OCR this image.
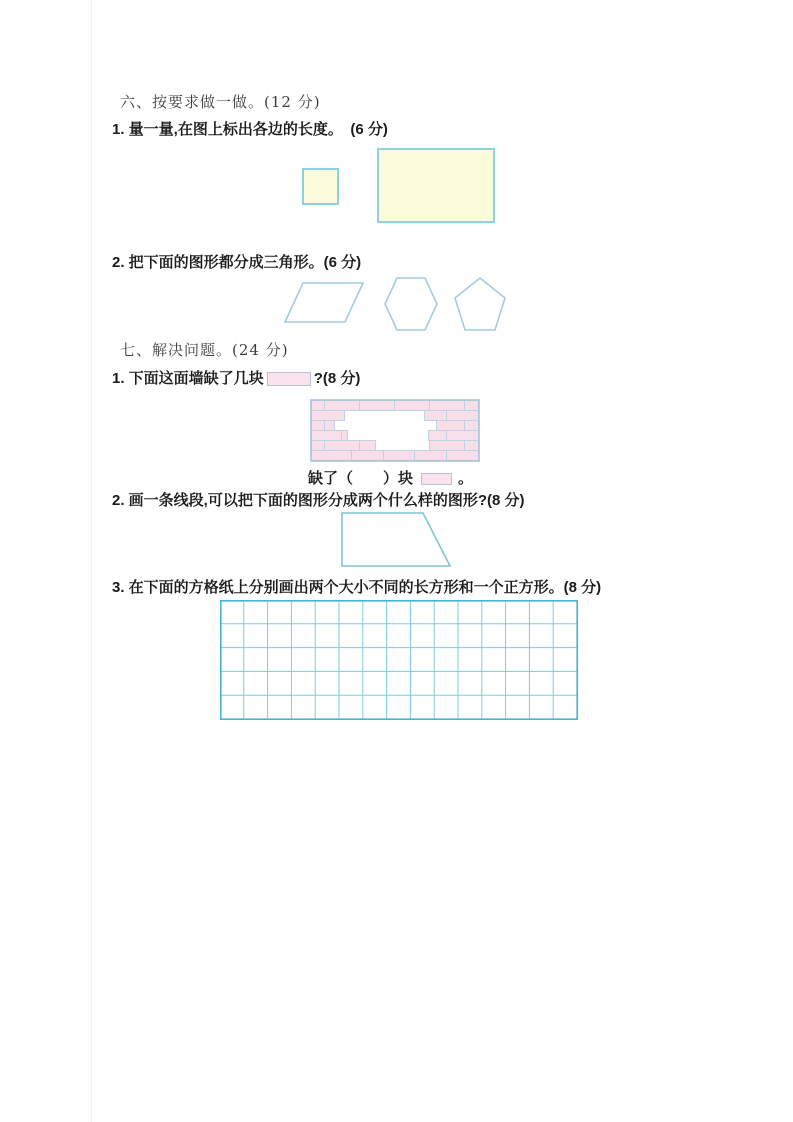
六、按要求做一做。(12 分)
1. 量一量,在图上标出各边的长度。　(6 分)
2. 把下面的图形都分成三角形。(6 分)
七、解决问题。(24 分)
1. 下面这面墙缺了几块	?(8 分)
缺了（　　）块	。
2. 画一条线段,可以把下面的图形分成两个什么样的图形?(8 分)
3. 在下面的方格纸上分别画出两个大小不同的长方形和一个正方形。(8 分)
